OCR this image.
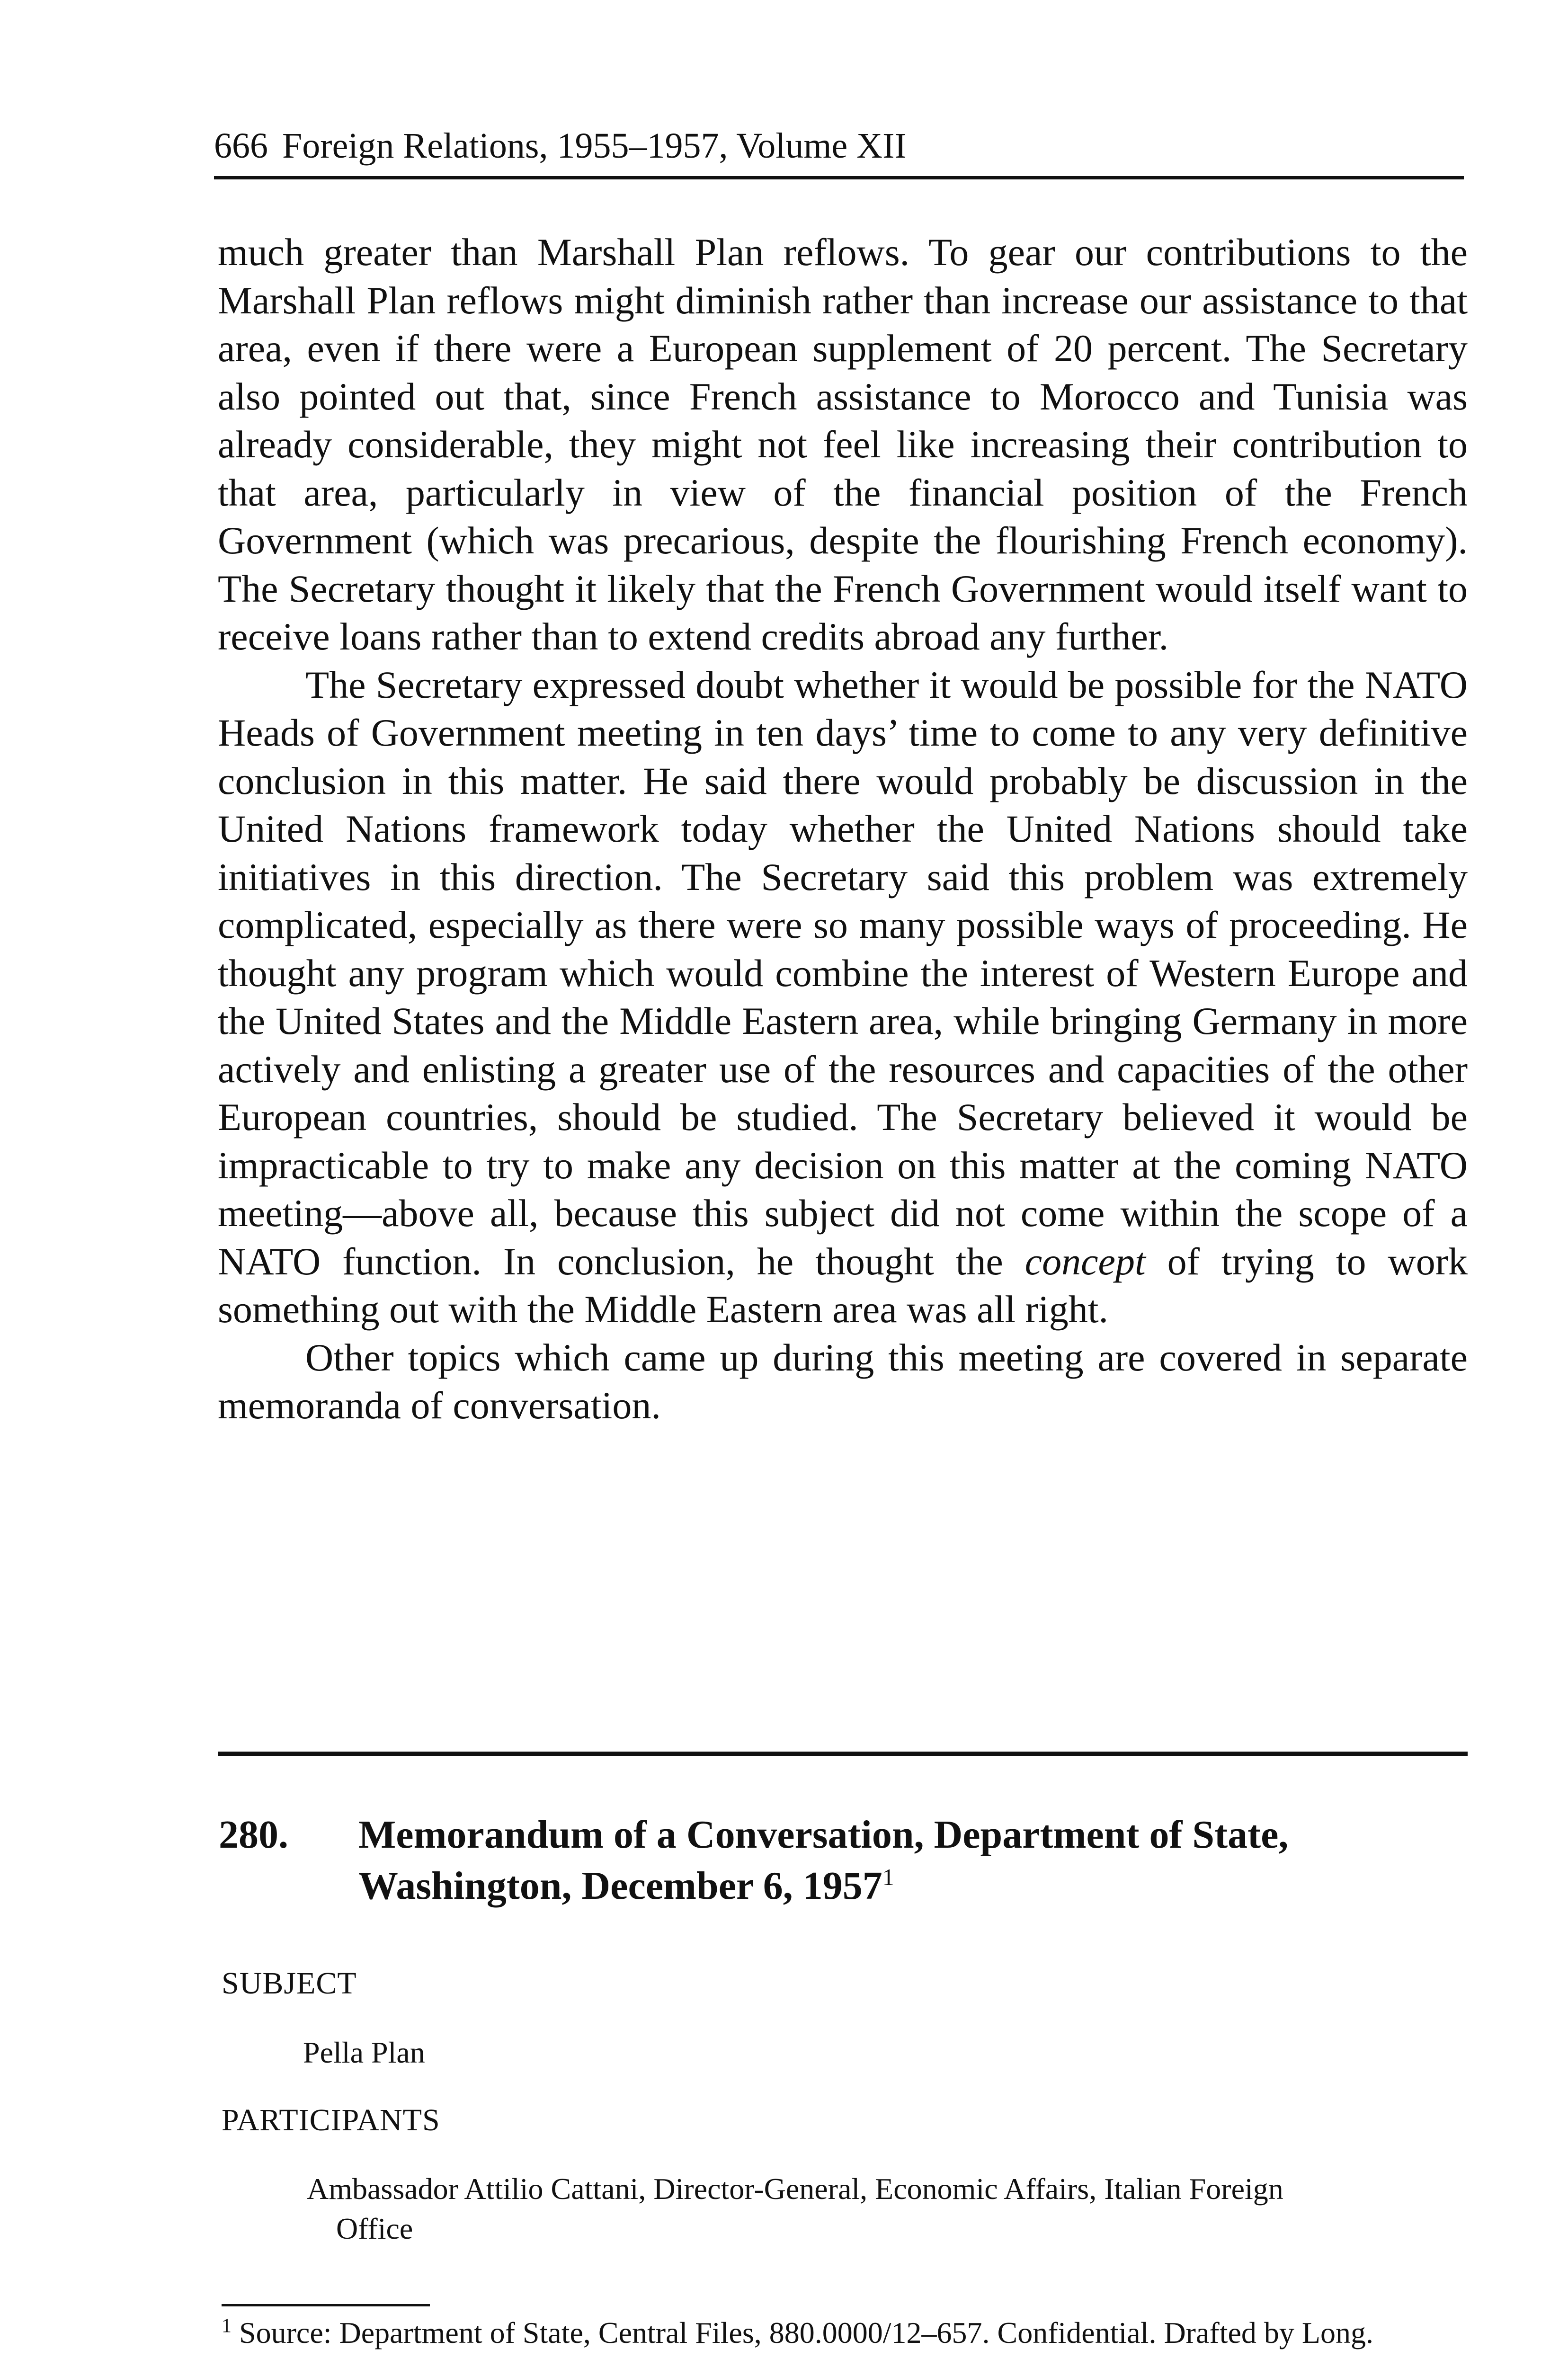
666 Foreign Relations, 1955–1957, Volume XII

much greater than Marshall Plan reflows. To gear our contributions to the Marshall Plan reflows might diminish rather than increase our assistance to that area, even if there were a European supplement of 20 percent. The Secretary also pointed out that, since French assistance to Morocco and Tunisia was already considerable, they might not feel like increasing their contribution to that area, particularly in view of the financial position of the French Government (which was precarious, despite the flourishing French economy). The Secretary thought it likely that the French Government would itself want to receive loans rather than to extend credits abroad any further.

The Secretary expressed doubt whether it would be possible for the NATO Heads of Government meeting in ten days’ time to come to any very definitive conclusion in this matter. He said there would probably be discussion in the United Nations framework today whether the United Nations should take initiatives in this direction. The Secretary said this problem was extremely complicated, especially as there were so many possible ways of proceeding. He thought any program which would combine the interest of Western Europe and the United States and the Middle Eastern area, while bringing Germany in more actively and enlisting a greater use of the resources and capacities of the other European countries, should be studied. The Secretary believed it would be impracticable to try to make any decision on this matter at the coming NATO meeting—above all, because this subject did not come within the scope of a NATO function. In conclusion, he thought the concept of trying to work something out with the Middle Eastern area was all right.

Other topics which came up during this meeting are covered in separate memoranda of conversation.

280. Memorandum of a Conversation, Department of State,
Washington, December 6, 1957$^1$
SUBJECT
Pella Plan
PARTICIPANTS
Ambassador Attilio Cattani, Director-General, Economic Affairs, Italian Foreign
Office
$^1$ Source: Department of State, Central Files, 880.0000/12–657. Confidential. Drafted by Long.
